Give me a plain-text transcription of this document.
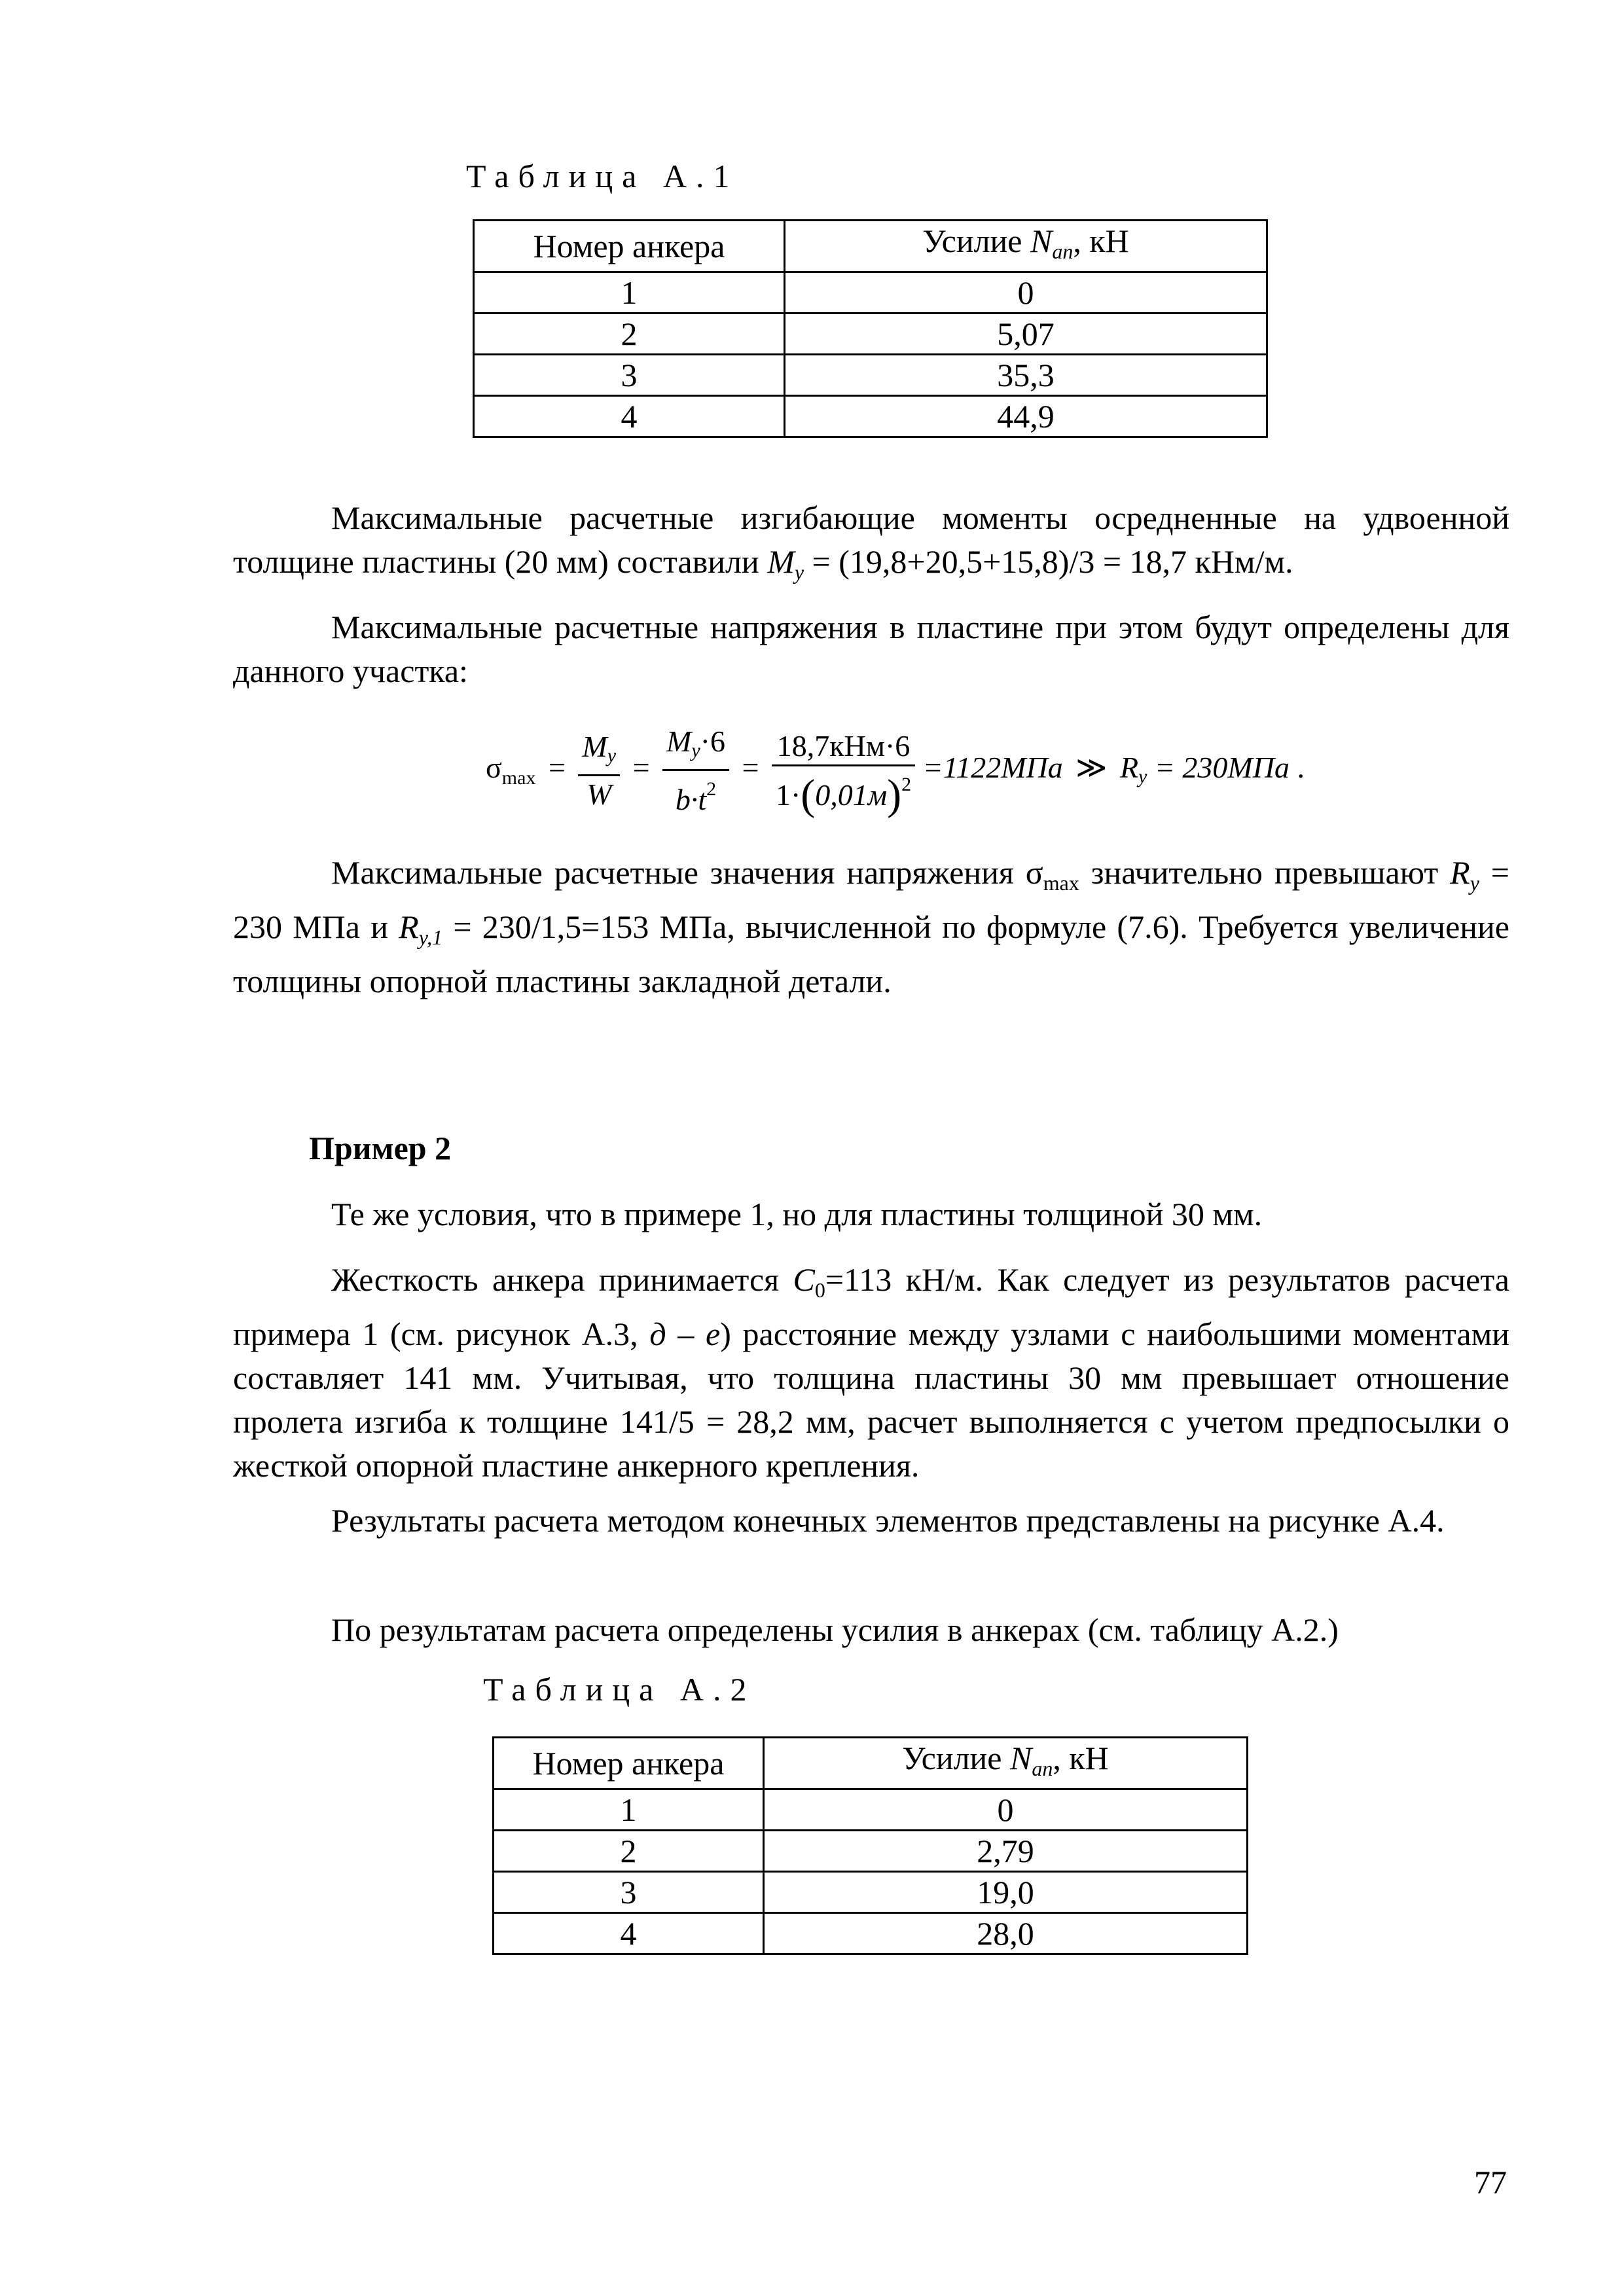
Таблица А.1
Номер анкера	Усилие $N_{an}$, кН
1	0
2	5,07
3	35,3
4	44,9
Максимальные расчетные изгибающие моменты осредненные на удвоенной толщине пластины (20 мм) составили $M_y = (19,8+20,5+15,8)/3 = 18,7$ кНм/м.
Максимальные расчетные напряжения в пластине при этом будут определены для данного участка:
$\sigma_{max} = \frac{My}{W} = \frac{My\cdot 6}{b\cdot t^2} = \frac{\text{18,7кНм·6}}{1\cdot(0,01м)^2} =1122МПа$ ≫ Ry = 230МПа .
Максимальные расчетные значения напряжения $\sigma_{max}$ значительно превышают $R_y = 230$ МПа и $R_{y,1} = 230/1,5=153$ МПа, вычисленной по формуле (7.6). Требуется увеличение толщины опорной пластины закладной детали.
Пример 2
Те же условия, что в примере 1, но для пластины толщиной 30 мм.
Жесткость анкера принимается $C_0=113$ кН/м. Как следует из результатов расчета примера 1 (см. рисунок А.3, д – е) расстояние между узлами с наибольшими моментами составляет 141 мм. Учитывая, что толщина пластины 30 мм превышает отношение пролета изгиба к толщине 141/5 = 28,2 мм, расчет выполняется с учетом предпосылки о жесткой опорной пластине анкерного крепления.
Результаты расчета методом конечных элементов представлены на рисунке А.4.
По результатам расчета определены усилия в анкерах (см. таблицу А.2.)
Таблица А.2
Номер анкера	Усилие $N_{an}$, кН
1	0
2	2,79
3	19,0
4	28,0
77
